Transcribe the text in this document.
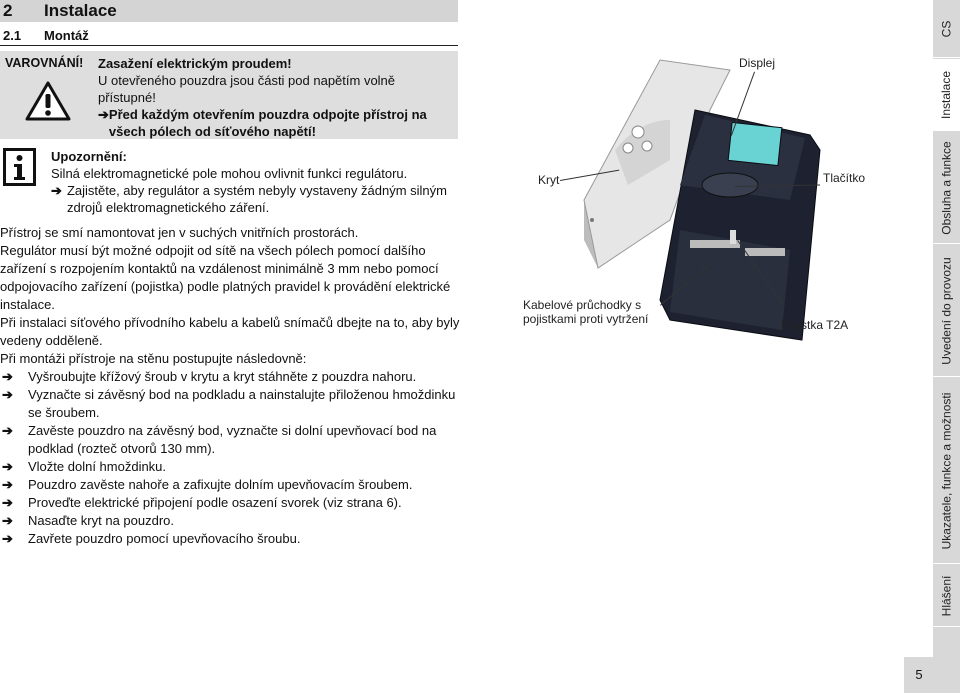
2 Instalace
2.1 Montáž
VAROVNÁNÍ! Zasažení elektrickým proudem!
U otevřeného pouzdra jsou části pod napětím volně přístupné!
➔ Před každým otevřením pouzdra odpojte přístroj na všech pólech od síťového napětí!
Upozornění:
Silná elektromagnetické pole mohou ovlivnit funkci regulátoru.
➔ Zajistěte, aby regulátor a systém nebyly vystaveny žádným silným zdrojů elektromagnetického záření.

Přístroj se smí namontovat jen v suchých vnitřních prostorách.

Regulátor musí být možné odpojit od sítě na všech pólech pomocí dalšího zařízení s rozpojením kontaktů na vzdálenost minimálně 3 mm nebo pomocí odpojovacího zařízení (pojistka) podle platných pravidel k provádění elektrické instalace.

Při instalaci síťového přívodního kabelu a kabelů snímačů dbejte na to, aby byly vedeny odděleně.

Při montáži přístroje na stěnu postupujte následovně:

➔	Vyšroubujte křížový šroub v krytu a kryt stáhněte z pouzdra nahoru.
➔	Vyznačte si závěsný bod na podkladu a nainstalujte přiloženou hmoždinku se šroubem.
➔	Zavěste pouzdro na závěsný bod, vyznačte si dolní upevňovací bod na podklad (rozteč otvorů 130 mm).
➔	Vložte dolní hmoždinku.
➔	Pouzdro zavěste nahoře a zafixujte dolním upevňovacím šroubem.
➔	Proveďte elektrické připojení podle osazení svorek (viz strana 6).
➔	Nasaďte kryt na pouzdro.
➔	Zavřete pouzdro pomocí upevňovacího šroubu.
Displej
Kryt	Tlačítko
Kabelové průchodky s pojistkami proti vytržení	Pojistka T2A
CS
Instalace
Obsluha a funkce
Uvedení do provozu
Ukazatele, funkce a možnosti
Hlášení
5
